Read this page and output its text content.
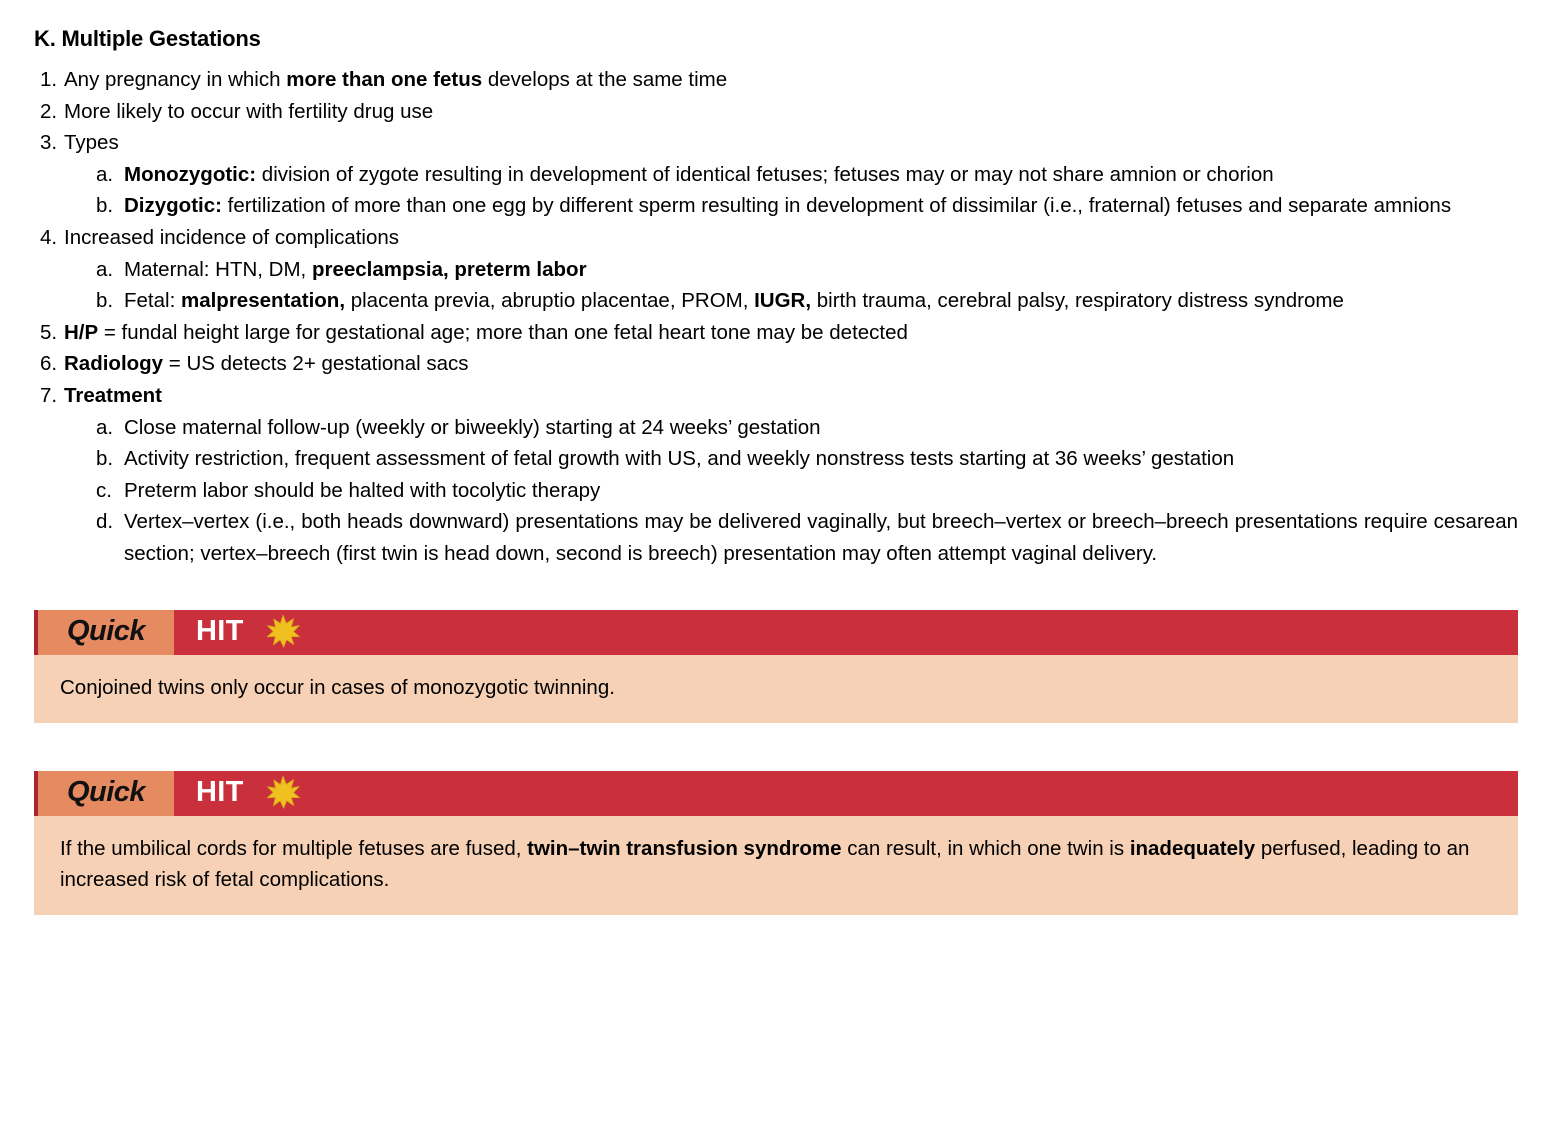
K. Multiple Gestations
1. Any pregnancy in which more than one fetus develops at the same time
2. More likely to occur with fertility drug use
3. Types
a. Monozygotic: division of zygote resulting in development of identical fetuses; fetuses may or may not share amnion or chorion
b. Dizygotic: fertilization of more than one egg by different sperm resulting in development of dissimilar (i.e., fraternal) fetuses and separate amnions
4. Increased incidence of complications
a. Maternal: HTN, DM, preeclampsia, preterm labor
b. Fetal: malpresentation, placenta previa, abruptio placentae, PROM, IUGR, birth trauma, cerebral palsy, respiratory distress syndrome
5. H/P = fundal height large for gestational age; more than one fetal heart tone may be detected
6. Radiology = US detects 2+ gestational sacs
7. Treatment
a. Close maternal follow-up (weekly or biweekly) starting at 24 weeks’ gestation
b. Activity restriction, frequent assessment of fetal growth with US, and weekly nonstress tests starting at 36 weeks’ gestation
c. Preterm labor should be halted with tocolytic therapy
d. Vertex–vertex (i.e., both heads downward) presentations may be delivered vaginally, but breech–vertex or breech–breech presentations require cesarean section; vertex–breech (first twin is head down, second is breech) presentation may often attempt vaginal delivery.
Quick HIT

Conjoined twins only occur in cases of monozygotic twinning.

Quick HIT

If the umbilical cords for multiple fetuses are fused, twin–twin transfusion syndrome can result, in which one twin is inadequately perfused, leading to an increased risk of fetal complications.
